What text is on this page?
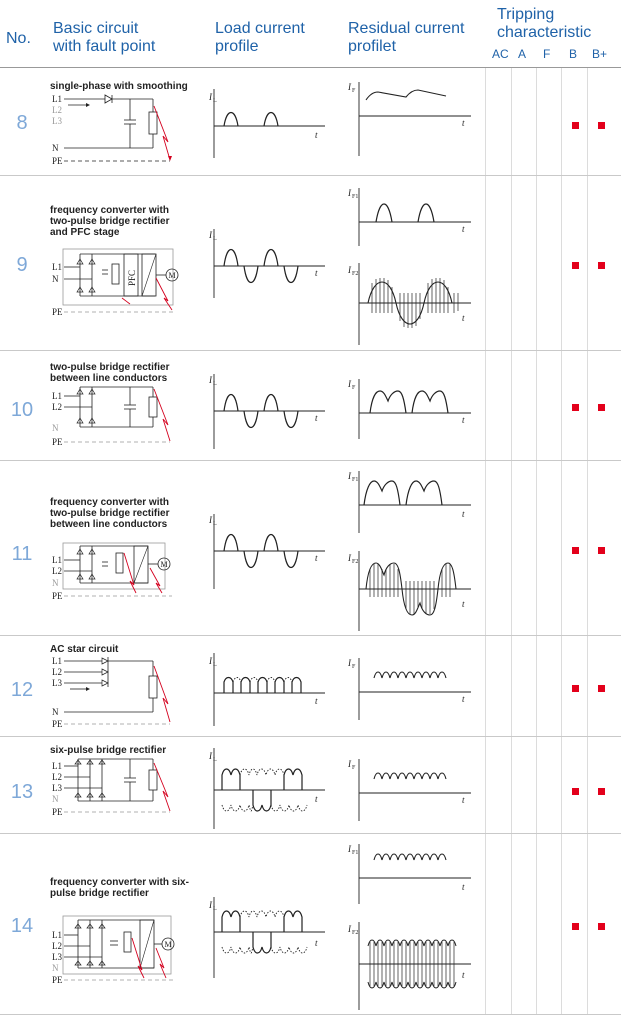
No.
Basic circuit
with fault point
Load current
profile
Residual current
profilet
Tripping
characteristic
AC A F B B+
8
single-phase with smoothing
L1
L2
L3
N
PE
I L
t
I F
t
9
frequency converter with two-pulse bridge rectifier and PFC stage
L1
N
PE
PFC	M
I L
t
I F1
t
I F2
t
10
two-pulse bridge rectifier between line conductors
L1
L2
N
PE
I L
t
I F
t
11
frequency converter with two-pulse bridge rectifier between line conductors
L1
L2
N
PE
M
I L
t
I F1
t
I F2
t
12
AC star circuit
L1
L2
L3
N
PE
I L
t
I F
t
13
six-pulse bridge rectifier
L1
L2
L3
N
PE
I L
t
I F
t
14
frequency converter with six-pulse bridge rectifier
L1
L2
L3
N
PE
M
I L
t
I F1
t
I F2
t
